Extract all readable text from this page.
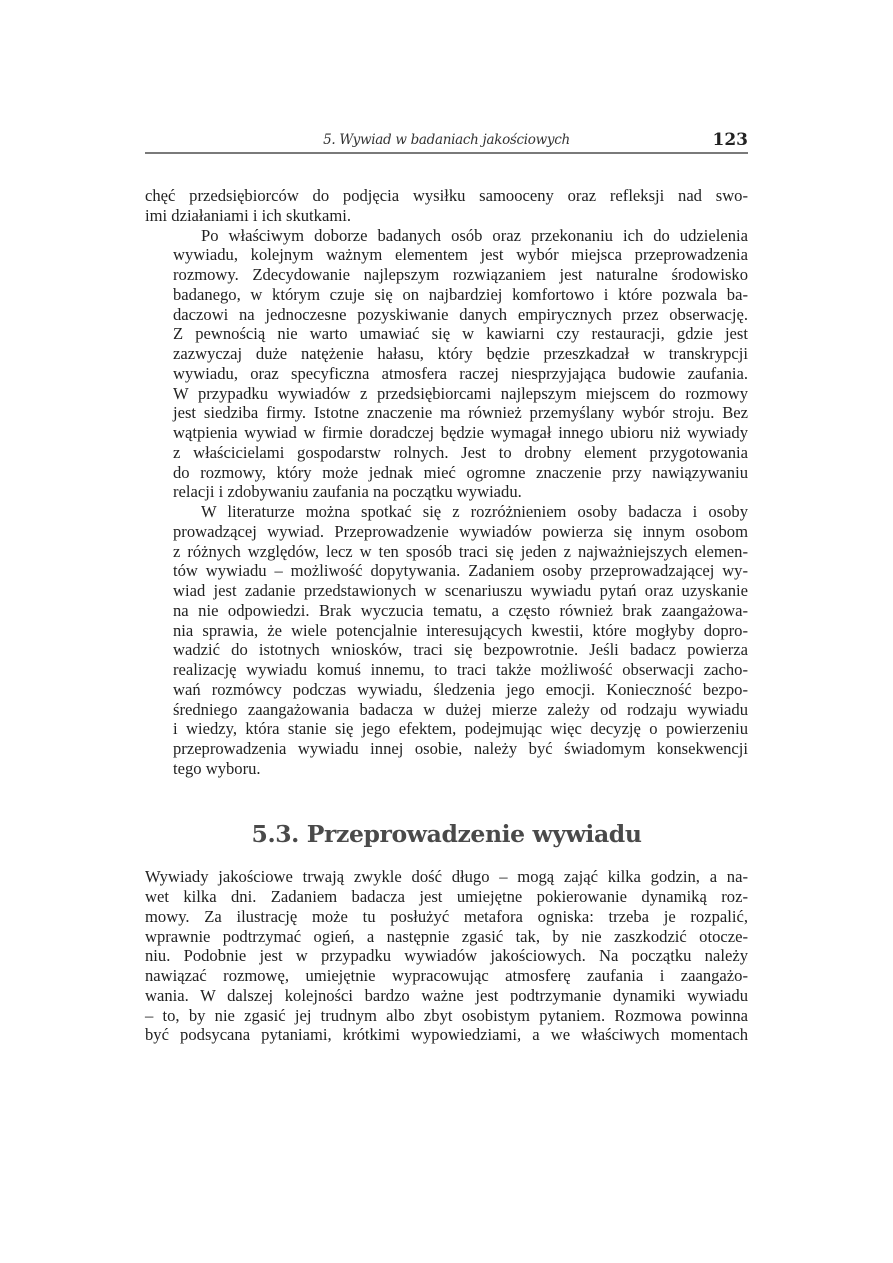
5. Wywiad w badaniach jakościowych	123

chęć przedsiębiorców do podjęcia wysiłku samooceny oraz refleksji nad swo-
imi działaniami i ich skutkami.

Po właściwym doborze badanych osób oraz przekonaniu ich do udzielenia
wywiadu, kolejnym ważnym elementem jest wybór miejsca przeprowadzenia
rozmowy. Zdecydowanie najlepszym rozwiązaniem jest naturalne środowisko
badanego, w którym czuje się on najbardziej komfortowo i które pozwala ba-
daczowi na jednoczesne pozyskiwanie danych empirycznych przez obserwację.
Z pewnością nie warto umawiać się w kawiarni czy restauracji, gdzie jest
zazwyczaj duże natężenie hałasu, który będzie przeszkadzał w transkrypcji
wywiadu, oraz specyficzna atmosfera raczej niesprzyjająca budowie zaufania.
W przypadku wywiadów z przedsiębiorcami najlepszym miejscem do rozmowy
jest siedziba firmy. Istotne znaczenie ma również przemyślany wybór stroju. Bez
wątpienia wywiad w firmie doradczej będzie wymagał innego ubioru niż wywiady
z właścicielami gospodarstw rolnych. Jest to drobny element przygotowania
do rozmowy, który może jednak mieć ogromne znaczenie przy nawiązywaniu
relacji i zdobywaniu zaufania na początku wywiadu.

W literaturze można spotkać się z rozróżnieniem osoby badacza i osoby
prowadzącej wywiad. Przeprowadzenie wywiadów powierza się innym osobom
z różnych względów, lecz w ten sposób traci się jeden z najważniejszych elemen-
tów wywiadu – możliwość dopytywania. Zadaniem osoby przeprowadzającej wy-
wiad jest zadanie przedstawionych w scenariuszu wywiadu pytań oraz uzyskanie
na nie odpowiedzi. Brak wyczucia tematu, a często również brak zaangażowa-
nia sprawia, że wiele potencjalnie interesujących kwestii, które mogłyby dopro-
wadzić do istotnych wniosków, traci się bezpowrotnie. Jeśli badacz powierza
realizację wywiadu komuś innemu, to traci także możliwość obserwacji zacho-
wań rozmówcy podczas wywiadu, śledzenia jego emocji. Konieczność bezpo-
średniego zaangażowania badacza w dużej mierze zależy od rodzaju wywiadu
i wiedzy, która stanie się jego efektem, podejmując więc decyzję o powierzeniu
przeprowadzenia wywiadu innej osobie, należy być świadomym konsekwencji
tego wyboru.

5.3. Przeprowadzenie wywiadu

Wywiady jakościowe trwają zwykle dość długo – mogą zająć kilka godzin, a na-
wet kilka dni. Zadaniem badacza jest umiejętne pokierowanie dynamiką roz-
mowy. Za ilustrację może tu posłużyć metafora ogniska: trzeba je rozpalić,
wprawnie podtrzymać ogień, a następnie zgasić tak, by nie zaszkodzić otocze-
niu. Podobnie jest w przypadku wywiadów jakościowych. Na początku należy
nawiązać rozmowę, umiejętnie wypracowując atmosferę zaufania i zaangażo-
wania. W dalszej kolejności bardzo ważne jest podtrzymanie dynamiki wywiadu
– to, by nie zgasić jej trudnym albo zbyt osobistym pytaniem. Rozmowa powinna
być podsycana pytaniami, krótkimi wypowiedziami, a we właściwych momentach
